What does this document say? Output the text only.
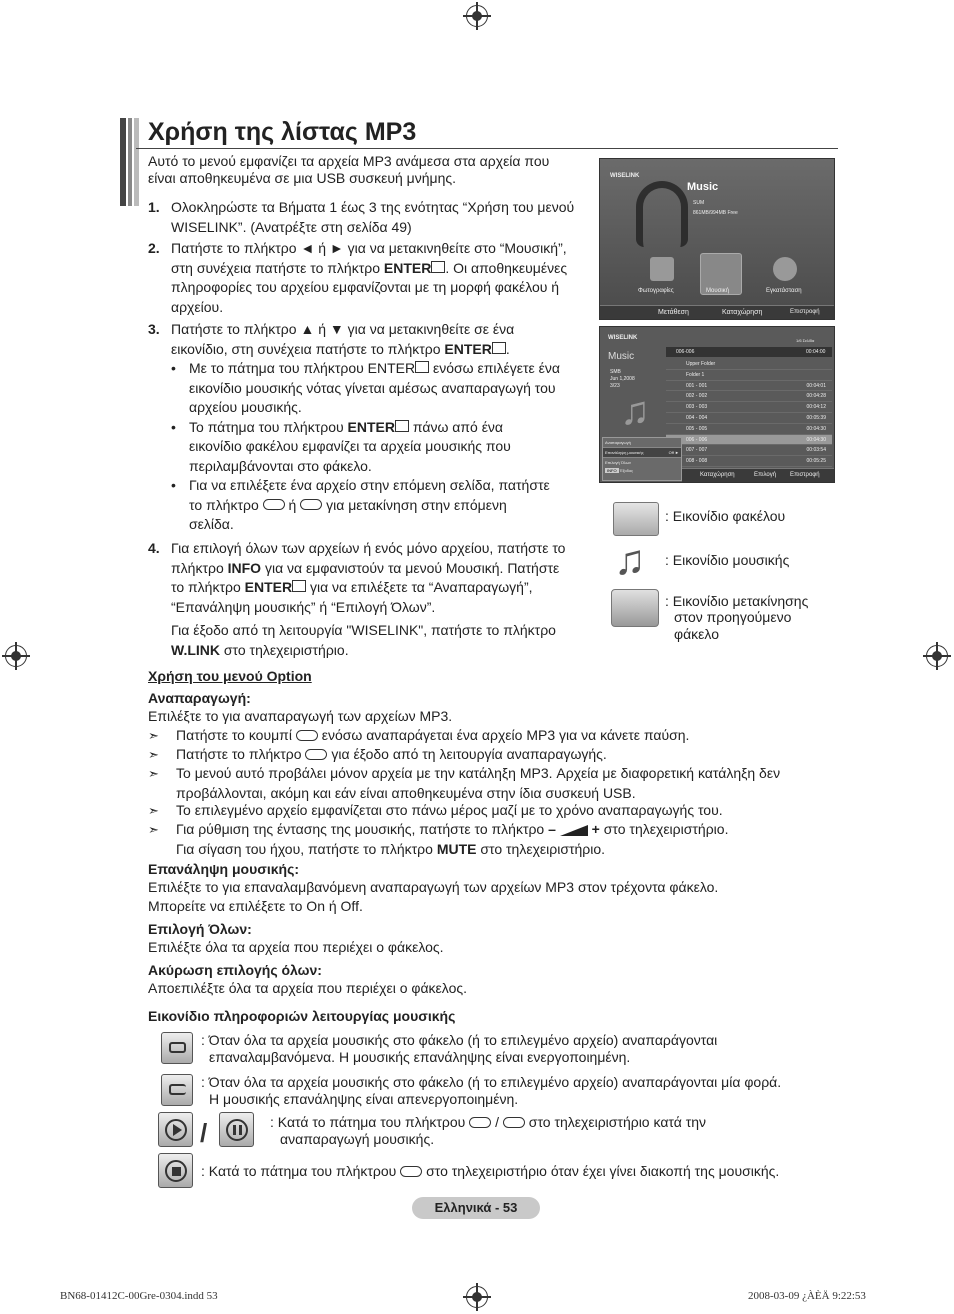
Χρήση της λίστας MP3
Αυτό το μενού εμφανίζει τα αρχεία MP3 ανάμεσα στα αρχεία που
είναι αποθηκευμένα σε μια USB συσκευή μνήμης.
1. Ολοκληρώστε τα Βήματα 1 έως 3 της ενότητας “Χρήση του μενού
WISELINK”. (Ανατρέξτε στη σελίδα 49)
2. Πατήστε το πλήκτρο ◄ ή ► για να μετακινηθείτε στο “Μουσική”,
στη συνέχεια πατήστε το πλήκτρο ENTER . Οι αποθηκευμένες
πληροφορίες του αρχείου εμφανίζονται με τη μορφή φακέλου ή
αρχείου.
3. Πατήστε το πλήκτρο ▲ ή ▼ για να μετακινηθείτε σε ένα
εικονίδιο, στη συνέχεια πατήστε το πλήκτρο ENTER .
• Με το πάτημα του πλήκτρου ENTER ενόσω επιλέγετε ένα
εικονίδιο μουσικής νότας γίνεται αμέσως αναπαραγωγή του
αρχείου μουσικής.
• Το πάτημα του πλήκτρου ENTER πάνω από ένα
εικονίδιο φακέλου εμφανίζει τα αρχεία μουσικής που
περιλαμβάνονται στο φάκελο.
• Για να επιλέξετε ένα αρχείο στην επόμενη σελίδα, πατήστε
το πλήκτρο ή για μετακίνηση στην επόμενη
σελίδα.
4. Για επιλογή όλων των αρχείων ή ενός μόνο αρχείου, πατήστε το
πλήκτρο INFO για να εμφανιστούν τα μενού Μουσική. Πατήστε
το πλήκτρο ENTER για να επιλέξετε τα “Αναπαραγωγή”,
“Επανάληψη μουσικής” ή “Επιλογή Όλων”.

Για έξοδο από τη λειτουργία "WISELINK", πατήστε το πλήκτρο
W.LINK στο τηλεχειριστήριο.
WISELINK
Music
SUM
861MB/994MB Free
Φωτογραφίες	Μουσική	Εγκατάσταση
Μετάθεση	Καταχώρηση	Επιστροφή
WISELINK
Music
SMB
Jun 1,2008
3/23
♫
1/6 Σελίδα
006-006	00:04:00
Upper Folder
Folder 1
001 - 001	00:04:01
002 - 002	00:04:28
003 - 003	00:04:12
004 - 004	00:05:39
005 - 005	00:04:30
006 - 006	00:04:30
007 - 007	00:03:54
008 - 008	00:05:25
Αναπαραγωγή
Επανάληψη μουσικής	Off ►
Επιλογή Όλων
INFO Έξοδος
Καταχώρηση	Επιλογή Επιστροφή
: Εικονίδιο φακέλου
♫ : Εικονίδιο μουσικής
: Εικονίδιο μετακίνησης
στον προηγούμενο
φάκελο
Χρήση του μενού Option
Αναπαραγωγή:
Επιλέξτε το για αναπαραγωγή των αρχείων MP3.
➣ Πατήστε το κουμπί ενόσω αναπαράγεται ένα αρχείο MP3 για να κάνετε παύση.
➣ Πατήστε το πλήκτρο για έξοδο από τη λειτουργία αναπαραγωγής.
➣ Το μενού αυτό προβάλει μόνον αρχεία με την κατάληξη MP3. Αρχεία με διαφορετική κατάληξη δεν
προβάλλονται, ακόμη και εάν είναι αποθηκευμένα στην ίδια συσκευή USB.
➣ Το επιλεγμένο αρχείο εμφανίζεται στο πάνω μέρος μαζί με το χρόνο αναπαραγωγής του.
➣ Για ρύθμιση της έντασης της μουσικής, πατήστε το πλήκτρο –  + στο τηλεχειριστήριο.
Για σίγαση του ήχου, πατήστε το πλήκτρο MUTE στο τηλεχειριστήριο.
Επανάληψη μουσικής:
Επιλέξτε το για επαναλαμβανόμενη αναπαραγωγή των αρχείων MP3 στον τρέχοντα φάκελο.
Μπορείτε να επιλέξετε το On ή Off.
Επιλογή Όλων:
Επιλέξτε όλα τα αρχεία που περιέχει ο φάκελος.
Ακύρωση επιλογής όλων:
Αποεπιλέξτε όλα τα αρχεία που περιέχει ο φάκελος.
Εικονίδιο πληροφοριών λειτουργίας μουσικής
: Όταν όλα τα αρχεία μουσικής στο φάκελο (ή το επιλεγμένο αρχείο) αναπαράγονται
επαναλαμβανόμενα. Η μουσικής επανάληψης είναι ενεργοποιημένη.
: Όταν όλα τα αρχεία μουσικής στο φάκελο (ή το επιλεγμένο αρχείο) αναπαράγονται μία φορά.
Η μουσικής επανάληψης είναι απενεργοποιημένη.
/	: Κατά το πάτημα του πλήκτρου  /  στο τηλεχειριστήριο κατά την
αναπαραγωγή μουσικής.
: Κατά το πάτημα του πλήκτρου στο τηλεχειριστήριο όταν έχει γίνει διακοπή της μουσικής.
Ελληνικά - 53
BN68-01412C-00Gre-0304.indd 53	2008-03-09 ¿ÀÈÄ 9:22:53
